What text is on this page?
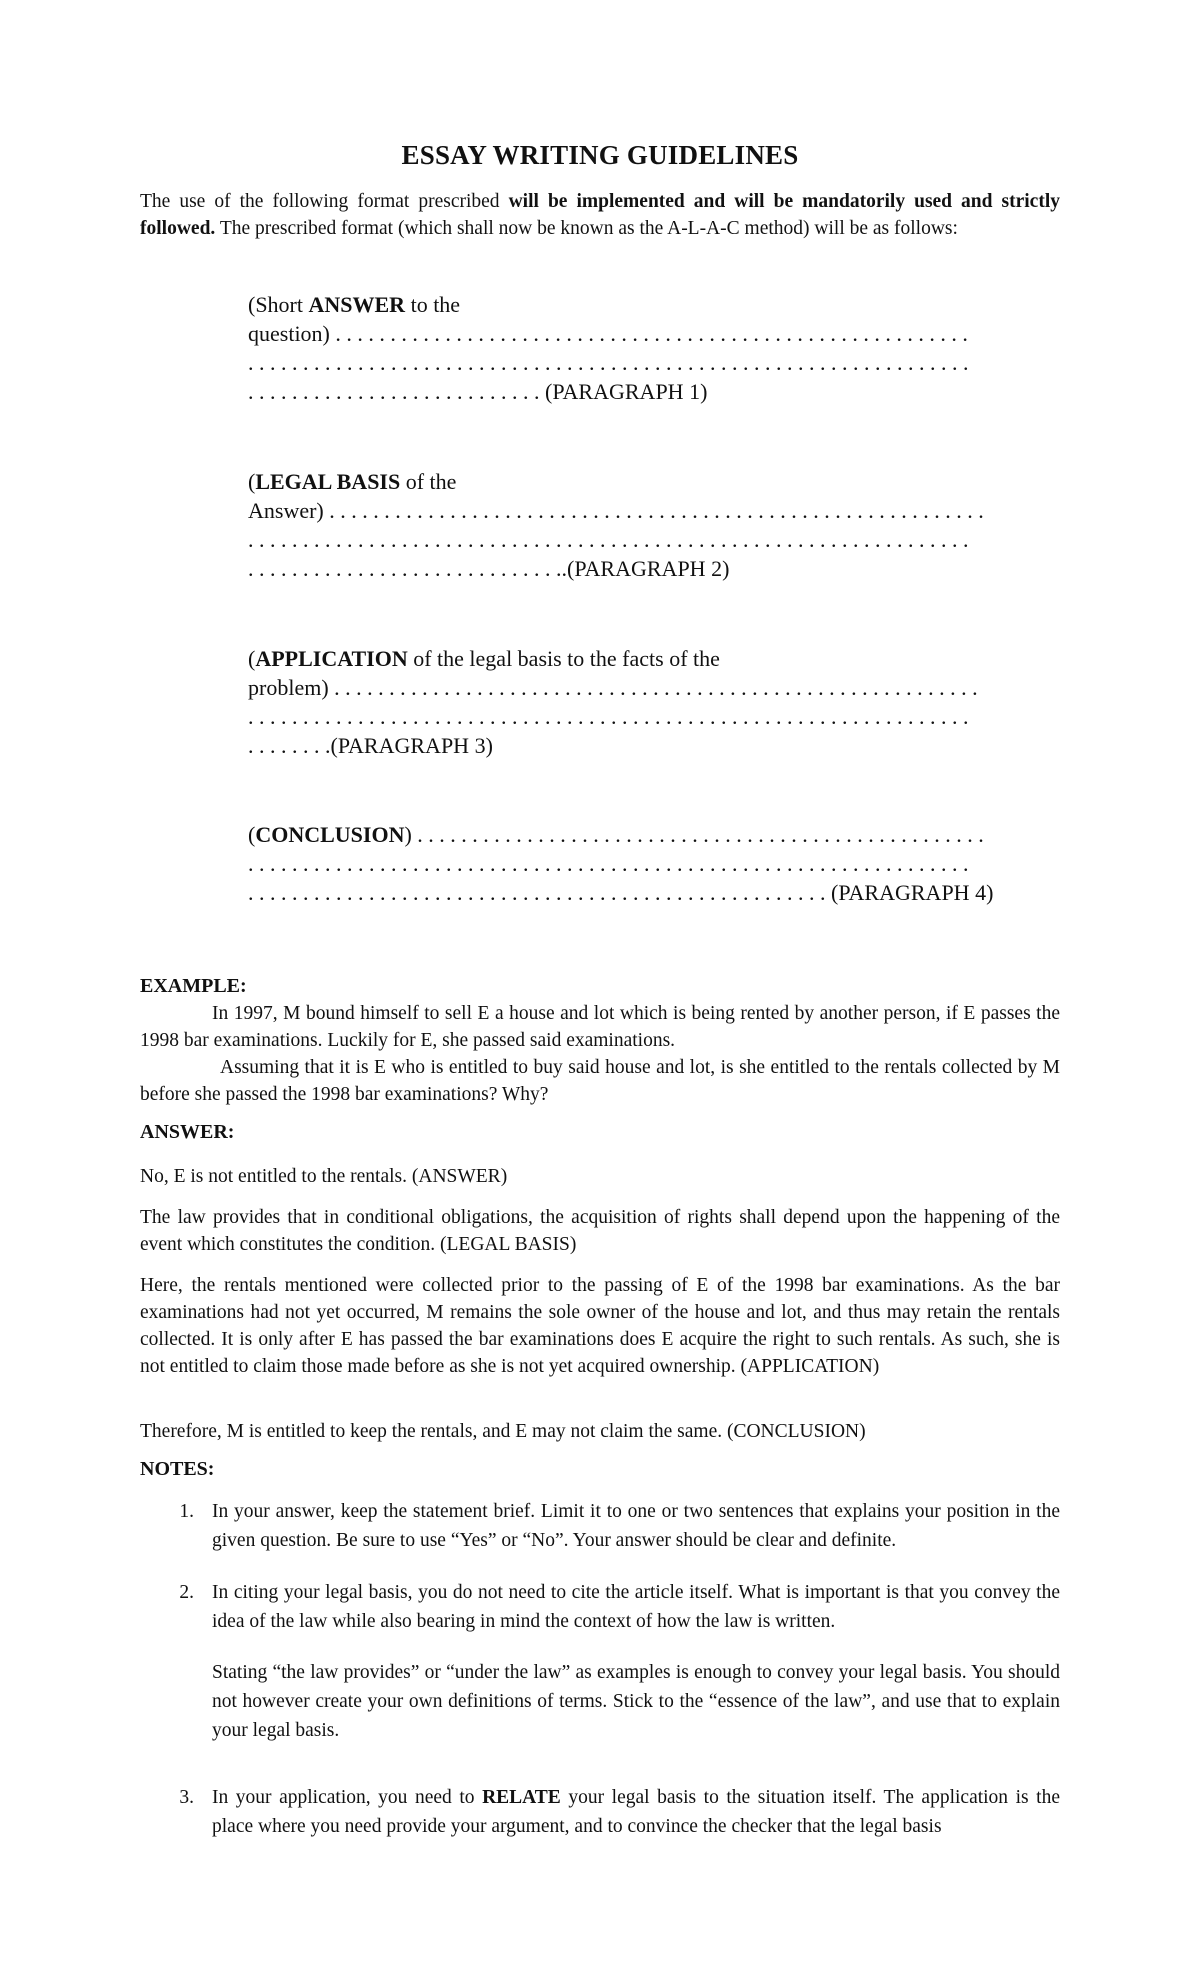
ESSAY WRITING GUIDELINES
The use of the following format prescribed will be implemented and will be mandatorily used and strictly followed. The prescribed format (which shall now be known as the A-L-A-C method) will be as follows:
(Short ANSWER to the
question) . . . . . . . . . . . . . . . . . . . . . . . . . . . . . . . . . . . . . . . . . . . . . . . . . . . . . . . . . .
. . . . . . . . . . . . . . . . . . . . . . . . . . . . . . . . . . . . . . . . . . . . . . . . . . . . . . . . . . . . . . . . . .
. . . . . . . . . . . . . . . . . . . . . . . . . . . (PARAGRAPH 1)
(LEGAL BASIS of the
Answer) . . . . . . . . . . . . . . . . . . . . . . . . . . . . . . . . . . . . . . . . . . . . . . . . . . . . . . . . . . . .
. . . . . . . . . . . . . . . . . . . . . . . . . . . . . . . . . . . . . . . . . . . . . . . . . . . . . . . . . . . . . . . . . .
. . . . . . . . . . . . . . . . . . . . . . . . . . . . ..(PARAGRAPH 2)
(APPLICATION of the legal basis to the facts of the
problem) . . . . . . . . . . . . . . . . . . . . . . . . . . . . . . . . . . . . . . . . . . . . . . . . . . . . . . . . . . .
. . . . . . . . . . . . . . . . . . . . . . . . . . . . . . . . . . . . . . . . . . . . . . . . . . . . . . . . . . . . . . . . . .
. . . . . . . .(PARAGRAPH 3)
(CONCLUSION) . . . . . . . . . . . . . . . . . . . . . . . . . . . . . . . . . . . . . . . . . . . . . . . . . . . .
. . . . . . . . . . . . . . . . . . . . . . . . . . . . . . . . . . . . . . . . . . . . . . . . . . . . . . . . . . . . . . . . . .
. . . . . . . . . . . . . . . . . . . . . . . . . . . . . . . . . . . . . . . . . . . . . . . . . . . . . (PARAGRAPH 4)
EXAMPLE:
In 1997, M bound himself to sell E a house and lot which is being rented by another person, if E passes the 1998 bar examinations. Luckily for E, she passed said examinations.
Assuming that it is E who is entitled to buy said house and lot, is she entitled to the rentals collected by M before she passed the 1998 bar examinations? Why?
ANSWER:
No, E is not entitled to the rentals. (ANSWER)
The law provides that in conditional obligations, the acquisition of rights shall depend upon the happening of the event which constitutes the condition. (LEGAL BASIS)
Here, the rentals mentioned were collected prior to the passing of E of the 1998 bar examinations. As the bar examinations had not yet occurred, M remains the sole owner of the house and lot, and thus may retain the rentals collected. It is only after E has passed the bar examinations does E acquire the right to such rentals. As such, she is not entitled to claim those made before as she is not yet acquired ownership. (APPLICATION)
Therefore, M is entitled to keep the rentals, and E may not claim the same. (CONCLUSION)
NOTES:
1. In your answer, keep the statement brief. Limit it to one or two sentences that explains your position in the given question. Be sure to use “Yes” or “No”. Your answer should be clear and definite.
2. In citing your legal basis, you do not need to cite the article itself. What is important is that you convey the idea of the law while also bearing in mind the context of how the law is written.
Stating “the law provides” or “under the law” as examples is enough to convey your legal basis. You should not however create your own definitions of terms. Stick to the “essence of the law”, and use that to explain your legal basis.
3. In your application, you need to RELATE your legal basis to the situation itself. The application is the place where you need provide your argument, and to convince the checker that the legal basis
